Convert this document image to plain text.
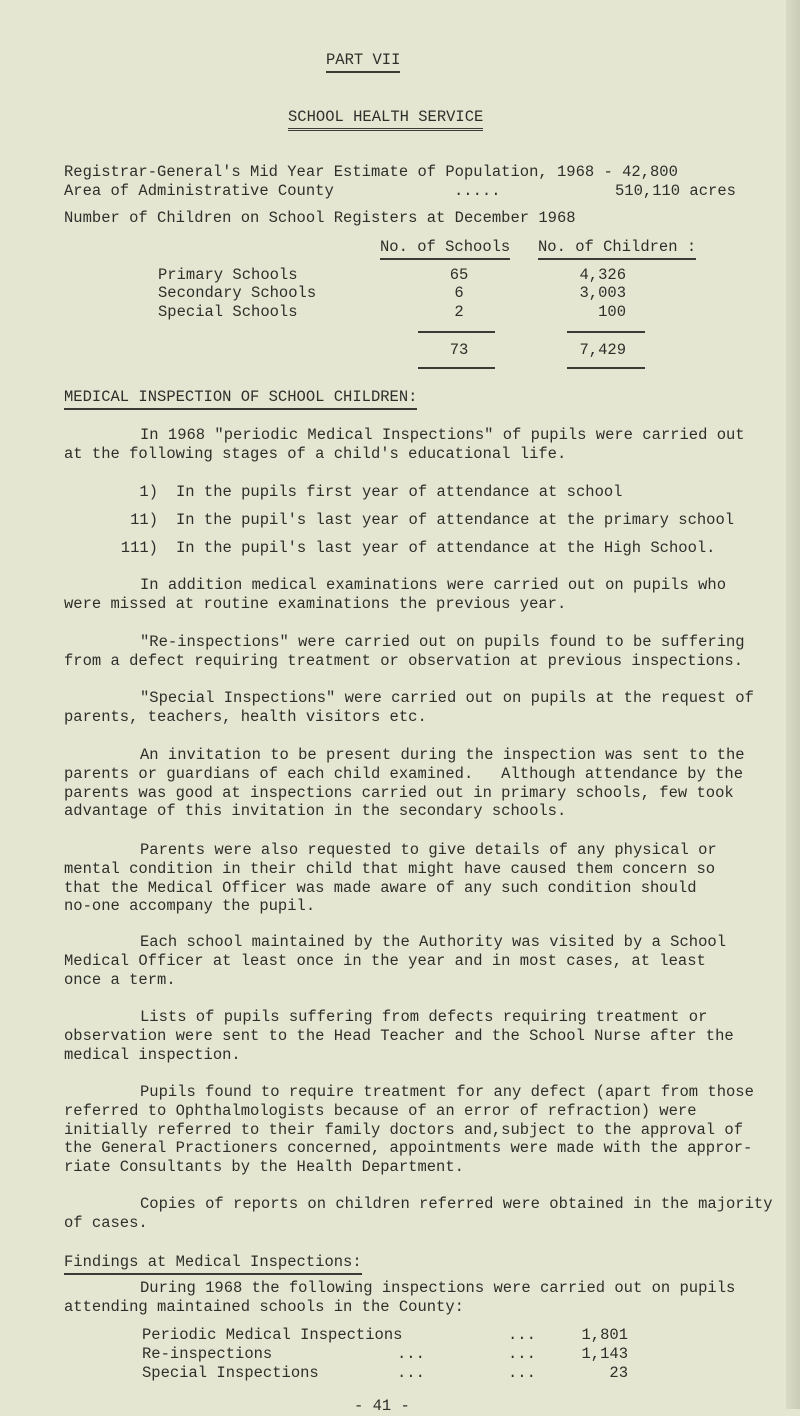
PART VII
SCHOOL HEALTH SERVICE
Registrar-General's Mid Year Estimate of Population, 1968 - 42,800
Area of Administrative County	.....	510,110 acres
Number of Children on School Registers at December 1968
No. of Schools No. of Children :
Primary Schools	65	4,326
Secondary Schools	6	3,003
Special Schools	2	100
73	7,429
MEDICAL INSPECTION OF SCHOOL CHILDREN:
In 1968 "periodic Medical Inspections" of pupils were carried out
at the following stages of a child's educational life.
1) In the pupils first year of attendance at school
11) In the pupil's last year of attendance at the primary school
111) In the pupil's last year of attendance at the High School.
In addition medical examinations were carried out on pupils who
were missed at routine examinations the previous year.
"Re-inspections" were carried out on pupils found to be suffering
from a defect requiring treatment or observation at previous inspections.
"Special Inspections" were carried out on pupils at the request of
parents, teachers, health visitors etc.
An invitation to be present during the inspection was sent to the
parents or guardians of each child examined.   Although attendance by the
parents was good at inspections carried out in primary schools, few took
advantage of this invitation in the secondary schools.
Parents were also requested to give details of any physical or
mental condition in their child that might have caused them concern so
that the Medical Officer was made aware of any such condition should
no-one accompany the pupil.
Each school maintained by the Authority was visited by a School
Medical Officer at least once in the year and in most cases, at least
once a term.
Lists of pupils suffering from defects requiring treatment or
observation were sent to the Head Teacher and the School Nurse after the
medical inspection.
Pupils found to require treatment for any defect (apart from those
referred to Ophthalmologists because of an error of refraction) were
initially referred to their family doctors and,subject to the approval of
the General Practioners concerned, appointments were made with the appror-
riate Consultants by the Health Department.
Copies of reports on children referred were obtained in the majority
of cases.
Findings at Medical Inspections:
During 1968 the following inspections were carried out on pupils
attending maintained schools in the County:
Periodic Medical Inspections	...	1,801
Re-inspections	...	...	1,143
Special Inspections	...	...	23
- 41 -
